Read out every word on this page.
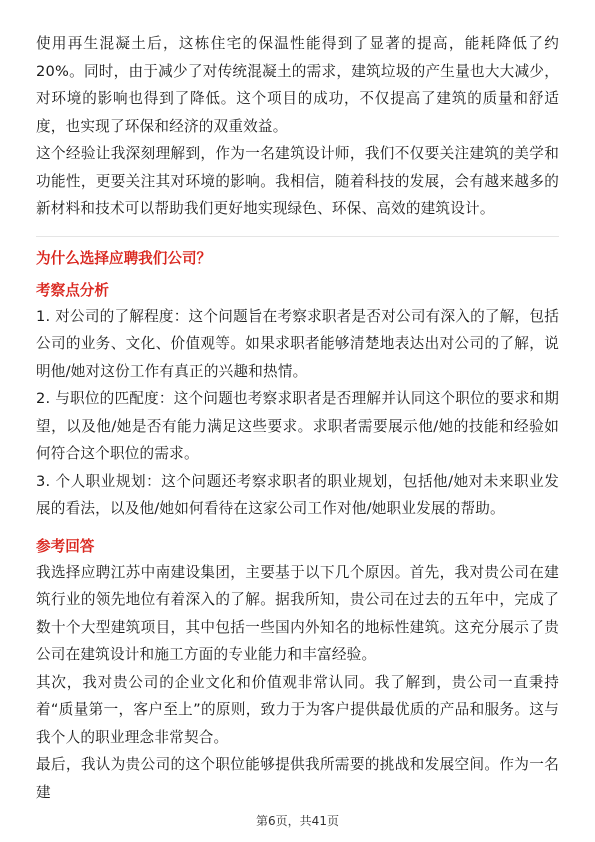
使用再生混凝土后，这栋住宅的保温性能得到了显著的提高，能耗降低了约20%。同时，由于减少了对传统混凝土的需求，建筑垃圾的产生量也大大减少，对环境的影响也得到了降低。这个项目的成功，不仅提高了建筑的质量和舒适度，也实现了环保和经济的双重效益。

这个经验让我深刻理解到，作为一名建筑设计师，我们不仅要关注建筑的美学和功能性，更要关注其对环境的影响。我相信，随着科技的发展，会有越来越多的新材料和技术可以帮助我们更好地实现绿色、环保、高效的建筑设计。

为什么选择应聘我们公司？
考察点分析

1. 对公司的了解程度：这个问题旨在考察求职者是否对公司有深入的了解，包括公司的业务、文化、价值观等。如果求职者能够清楚地表达出对公司的了解，说明他/她对这份工作有真正的兴趣和热情。

2. 与职位的匹配度：这个问题也考察求职者是否理解并认同这个职位的要求和期望，以及他/她是否有能力满足这些要求。求职者需要展示他/她的技能和经验如何符合这个职位的需求。

3. 个人职业规划：这个问题还考察求职者的职业规划，包括他/她对未来职业发展的看法，以及他/她如何看待在这家公司工作对他/她职业发展的帮助。

参考回答

我选择应聘江苏中南建设集团，主要基于以下几个原因。首先，我对贵公司在建筑行业的领先地位有着深入的了解。据我所知，贵公司在过去的五年中，完成了数十个大型建筑项目，其中包括一些国内外知名的地标性建筑。这充分展示了贵公司在建筑设计和施工方面的专业能力和丰富经验。

其次，我对贵公司的企业文化和价值观非常认同。我了解到，贵公司一直秉持着“质量第一，客户至上”的原则，致力于为客户提供最优质的产品和服务。这与我个人的职业理念非常契合。

最后，我认为贵公司的这个职位能够提供我所需要的挑战和发展空间。作为一名建

第6页，共41页
